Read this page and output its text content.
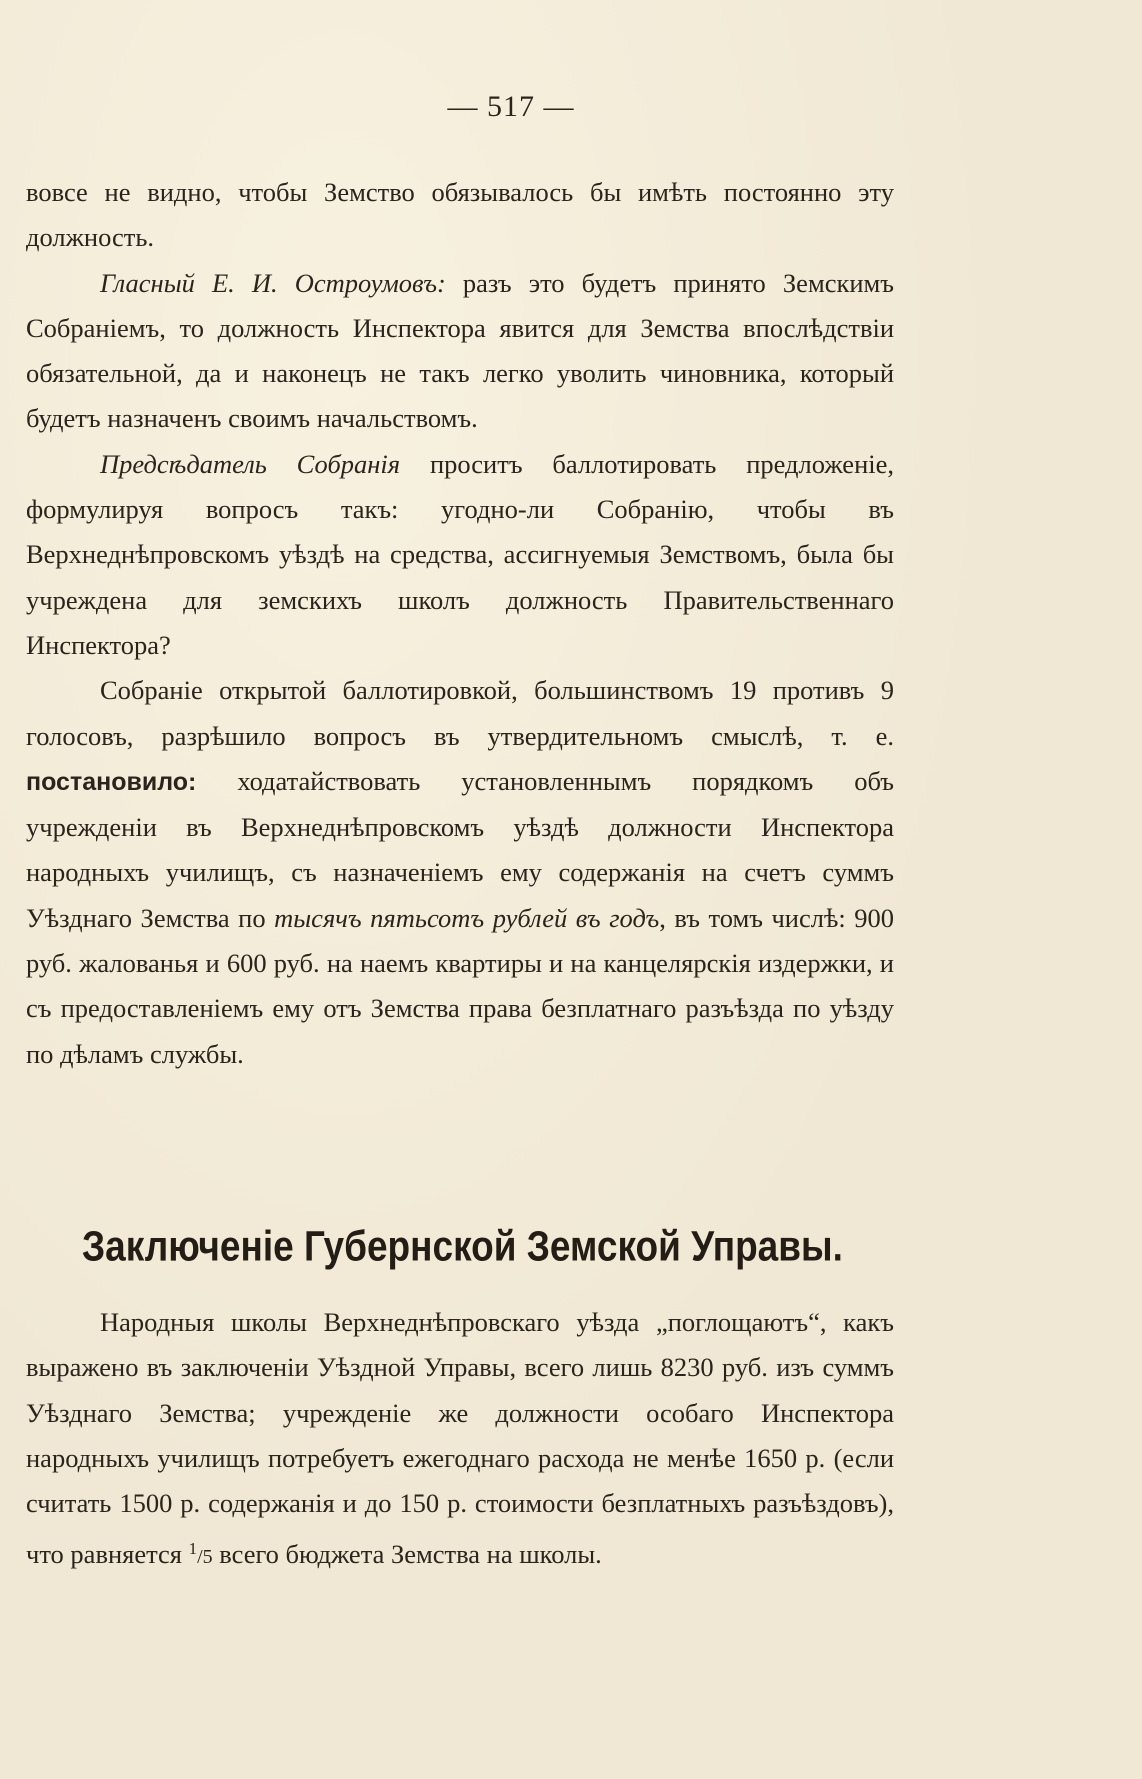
— 517 —

вовсе не видно, чтобы Земство обязывалось бы имѣть постоянно эту должность.

Гласный Е. И. Остроумовъ: разъ это будетъ принято Земскимъ Собраніемъ, то должность Инспектора явится для Земства впослѣдствіи обязательной, да и наконецъ не такъ легко уволить чиновника, который будетъ назначенъ своимъ начальствомъ.

Предсѣдатель Собранія проситъ баллотировать предложеніе, формулируя вопросъ такъ: угодно-ли Собранію, чтобы въ Верхнеднѣпровскомъ уѣздѣ на средства, ассигнуемыя Земствомъ, была бы учреждена для земскихъ школъ должность Правительственнаго Инспектора?

Собраніе открытой баллотировкой, большинствомъ 19 противъ 9 голосовъ, разрѣшило вопросъ въ утвердительномъ смыслѣ, т. е. постановило: ходатайствовать установленнымъ порядкомъ объ учрежденіи въ Верхнеднѣпровскомъ уѣздѣ должности Инспектора народныхъ училищъ, съ назначеніемъ ему содержанія на счетъ суммъ Уѣзднаго Земства по тысячъ пятьсотъ рублей въ годъ, въ томъ числѣ: 900 руб. жалованья и 600 руб. на наемъ квартиры и на канцелярскія издержки, и съ предоставленіемъ ему отъ Земства права безплатнаго разъѣзда по уѣзду по дѣламъ службы.

Заключеніе Губернской Земской Управы.

Народныя школы Верхнеднѣпровскаго уѣзда „поглощаютъ“, какъ выражено въ заключеніи Уѣздной Управы, всего лишь 8230 руб. изъ суммъ Уѣзднаго Земства; учрежденіе же должности особаго Инспектора народныхъ училищъ потребуетъ ежегоднаго расхода не менѣе 1650 р. (если считать 1500 р. содержанія и до 150 р. стоимости безплатныхъ разъѣздовъ), что равняется $^1$/5 всего бюджета Земства на школы.
